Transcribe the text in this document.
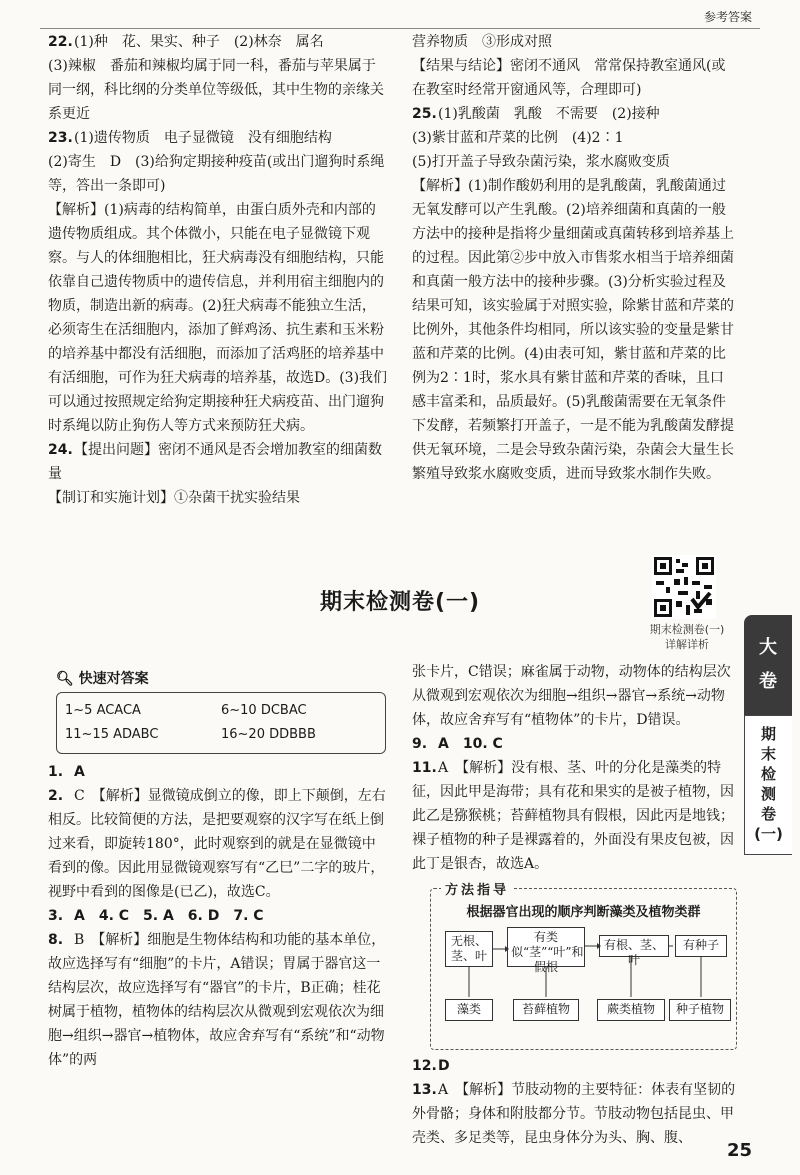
参考答案

22.(1)种　花、果实、种子　(2)林奈　属名

(3)辣椒　番茄和辣椒均属于同一科，番茄与苹果属于同一纲，科比纲的分类单位等级低，其中生物的亲缘关系更近

23.(1)遗传物质　电子显微镜　没有细胞结构

(2)寄生　D　(3)给狗定期接种疫苗(或出门遛狗时系绳等，答出一条即可)

【解析】(1)病毒的结构简单，由蛋白质外壳和内部的遗传物质组成。其个体微小，只能在电子显微镜下观察。与人的体细胞相比，狂犬病毒没有细胞结构，只能依靠自己遗传物质中的遗传信息，并利用宿主细胞内的物质，制造出新的病毒。(2)狂犬病毒不能独立生活，必须寄生在活细胞内，添加了鲜鸡汤、抗生素和玉米粉的培养基中都没有活细胞，而添加了活鸡胚的培养基中有活细胞，可作为狂犬病毒的培养基，故选D。(3)我们可以通过按照规定给狗定期接种狂犬病疫苗、出门遛狗时系绳以防止狗伤人等方式来预防狂犬病。

24.【提出问题】密闭不通风是否会增加教室的细菌数量

【制订和实施计划】①杂菌干扰实验结果

营养物质　③形成对照

【结果与结论】密闭不通风　常常保持教室通风(或在教室时经常开窗通风等，合理即可)

25.(1)乳酸菌　乳酸　不需要　(2)接种

(3)紫甘蓝和芹菜的比例　(4)2∶1

(5)打开盖子导致杂菌污染，浆水腐败变质

【解析】(1)制作酸奶利用的是乳酸菌，乳酸菌通过无氧发酵可以产生乳酸。(2)培养细菌和真菌的一般方法中的接种是指将少量细菌或真菌转移到培养基上的过程。因此第②步中放入市售浆水相当于培养细菌和真菌一般方法中的接种步骤。(3)分析实验过程及结果可知，该实验属于对照实验，除紫甘蓝和芹菜的比例外，其他条件均相同，所以该实验的变量是紫甘蓝和芹菜的比例。(4)由表可知，紫甘蓝和芹菜的比例为2∶1时，浆水具有紫甘蓝和芹菜的香味，且口感丰富柔和，品质最好。(5)乳酸菌需要在无氧条件下发酵，若频繁打开盖子，一是不能为乳酸菌发酵提供无氧环境，二是会导致杂菌污染，杂菌会大量生长繁殖导致浆水腐败变质，进而导致浆水制作失败。

期末检测卷(一)
详解详析
期末检测卷(一)
大
卷
期
末
检
测
卷
(一)
🔍︎ 快速对答案
1~5 ACACA	6~10 DCBAC
11~15 ADABC	16~20 DDBBB

1. A

2. C　【解析】显微镜成倒立的像，即上下颠倒，左右相反。比较简便的方法，是把要观察的汉字写在纸上倒过来看，即旋转180°，此时观察到的就是在显微镜中看到的像。因此用显微镜观察写有“乙巳”二字的玻片，视野中看到的图像是(已乙)，故选C。

3. A　4. C　5. A　6. D　7. C

8. B　【解析】细胞是生物体结构和功能的基本单位，故应选择写有“细胞”的卡片，A错误；胃属于器官这一结构层次，故应选择写有“器官”的卡片，B正确；桂花树属于植物，植物体的结构层次从微观到宏观依次为细胞→组织→器官→植物体，故应舍弃写有“系统”和“动物体”的两

张卡片，C错误；麻雀属于动物，动物体的结构层次从微观到宏观依次为细胞→组织→器官→系统→动物体，故应舍弃写有“植物体”的卡片，D错误。

9. A　10. C

11.A　【解析】没有根、茎、叶的分化是藻类的特征，因此甲是海带；具有花和果实的是被子植物，因此乙是猕猴桃；苔藓植物具有假根，因此丙是地钱；裸子植物的种子是裸露着的，外面没有果皮包被，因此丁是银杏，故选A。

方法指导
根据器官出现的顺序判断藻类及植物类群
无根、茎、叶
有类似“茎”“叶”和假根
有根、茎、叶
有种子
藻类	苔藓植物	蕨类植物	种子植物

12.D

13.A　【解析】节肢动物的主要特征：体表有坚韧的外骨骼；身体和附肢都分节。节肢动物包括昆虫、甲壳类、多足类等，昆虫身体分为头、胸、腹、

25
